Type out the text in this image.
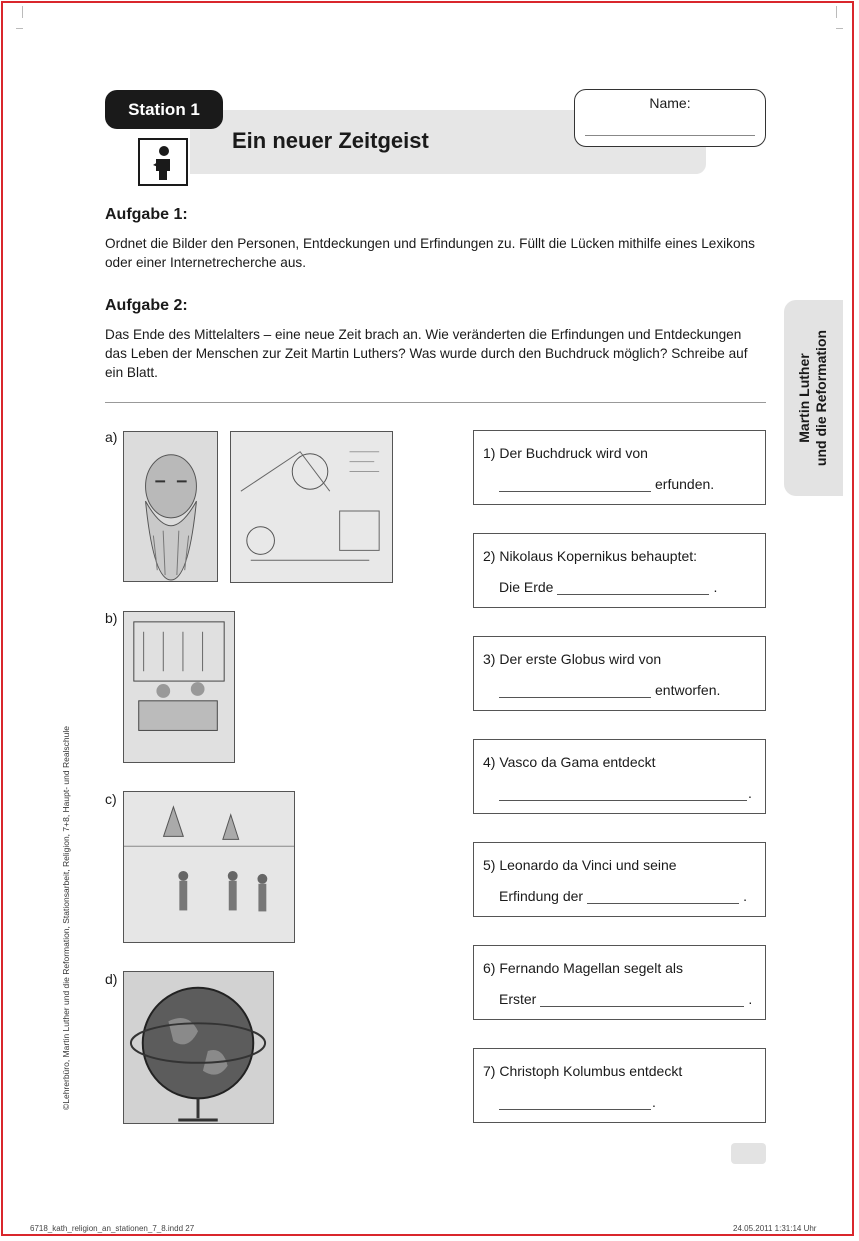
Station 1
Ein neuer Zeitgeist
Name:
Martin Luther und die Reformation
Aufgabe 1:
Ordnet die Bilder den Personen, Entdeckungen und Erfindungen zu. Füllt die Lücken mithilfe eines Lexikons oder einer Internetrecherche aus.
Aufgabe 2:
Das Ende des Mittelalters – eine neue Zeit brach an. Wie veränderten die Erfindungen und Entdeckungen das Leben der Menschen zur Zeit Martin Luthers? Was wurde durch den Buchdruck möglich? Schreibe auf ein Blatt.
a)
b)
c)
d)
1) Der Buchdruck wird von
erfunden.
2) Nikolaus Kopernikus behauptet:
Die Erde	.
3) Der erste Globus wird von
entworfen.
4) Vasco da Gama entdeckt
.
5) Leonardo da Vinci und seine
Erfindung der	.
6) Fernando Magellan segelt als
Erster	.
7) Christoph Kolumbus entdeckt
.
©Lehrerbüro, Martin Luther und die Reformation, Stationsarbeit, Religion, 7+8, Haupt- und Realschule
6718_kath_religion_an_stationen_7_8.indd 27	24.05.2011 1:31:14 Uhr
